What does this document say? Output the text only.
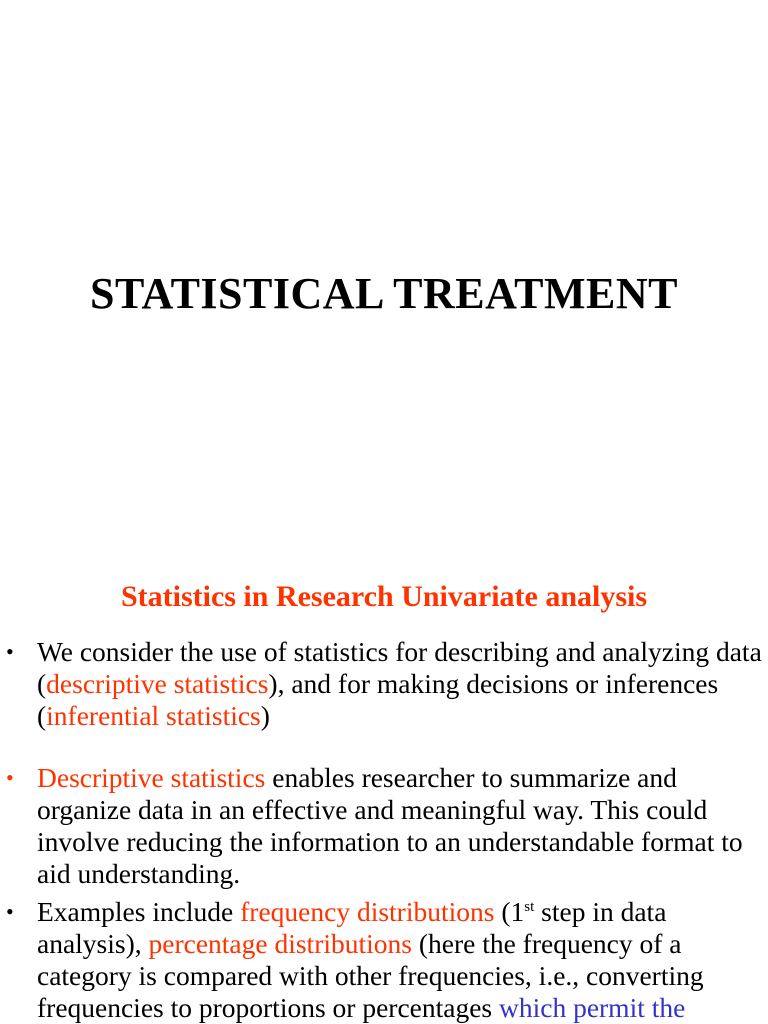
STATISTICAL TREATMENT
Statistics in Research Univariate analysis
• We consider the use of statistics for describing and analyzing data (descriptive statistics), and for making decisions or inferences (inferential statistics)
• Descriptive statistics enables researcher to summarize and organize data in an effective and meaningful way. This could involve reducing the information to an understandable format to aid understanding.
• Examples include frequency distributions (1st step in data analysis), percentage distributions (here the frequency of a category is compared with other frequencies, i.e., converting frequencies to proportions or percentages which permit the
